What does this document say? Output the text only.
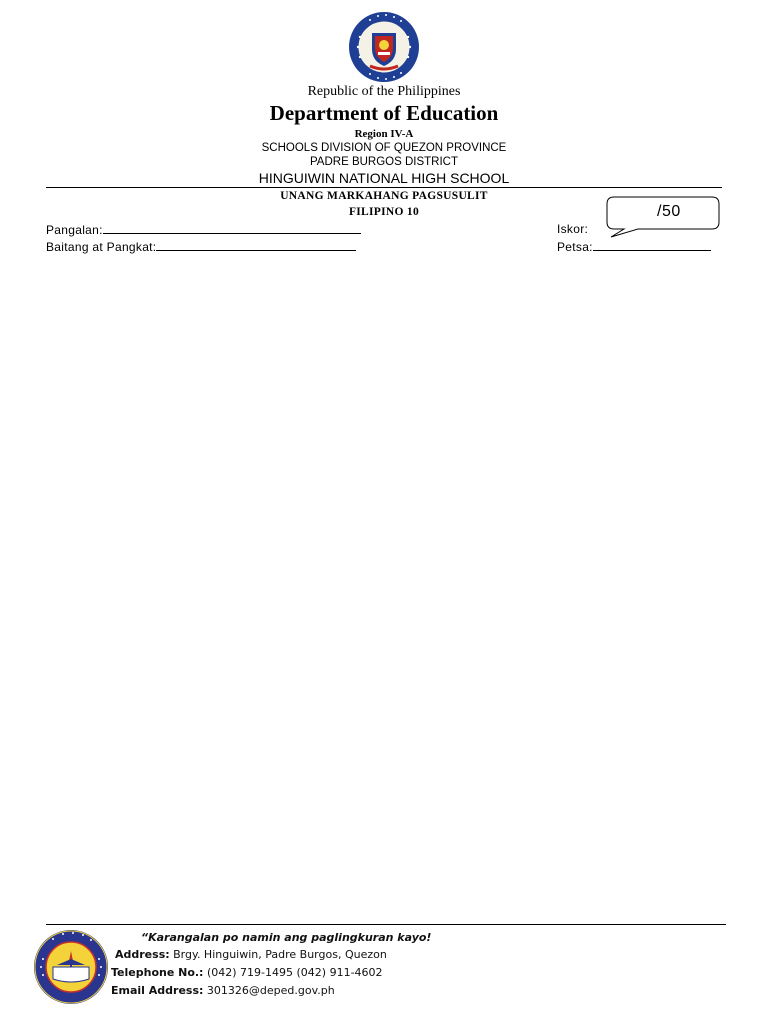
Republic of the Philippines
Department of Education
Region IV-A
SCHOOLS DIVISION OF QUEZON PROVINCE
PADRE BURGOS DISTRICT
HINGUIWIN NATIONAL HIGH SCHOOL
UNANG MARKAHANG PAGSUSULIT
FILIPINO 10	/50
Pangalan:
Baitang at Pangkat:
Iskor:
Petsa:
“Karangalan po namin ang paglingkuran kayo!
Address: Brgy. Hinguiwin, Padre Burgos, Quezon
Telephone No.: (042) 719-1495 (042) 911-4602
Email Address: 301326@deped.gov.ph
